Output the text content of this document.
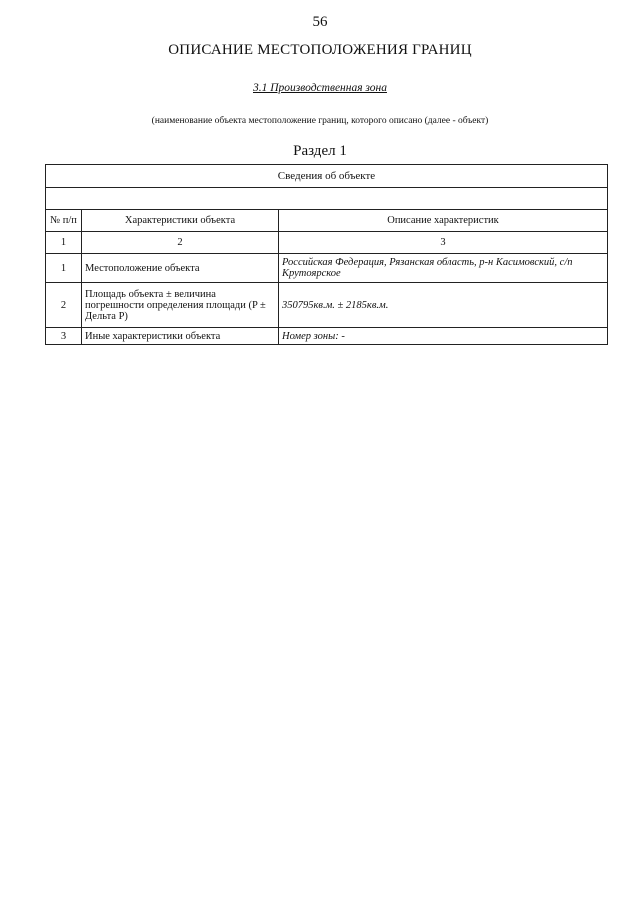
56
ОПИСАНИЕ МЕСТОПОЛОЖЕНИЯ ГРАНИЦ
3.1 Производственная зона
(наименование объекта местоположение границ, которого описано (далее - объект)
Раздел 1
Сведения об объекте		

№ п/п	Характеристики объекта	Описание характеристик
1	2	3
1	Местоположение объекта	Российская Федерация, Рязанская область, р-н Касимовский, с/п Крутоярское
2	Площадь объекта ± величина погрешности определения площади (P ± Дельта P)	350795кв.м. ± 2185кв.м.
3	Иные характеристики объекта	Номер зоны: -
